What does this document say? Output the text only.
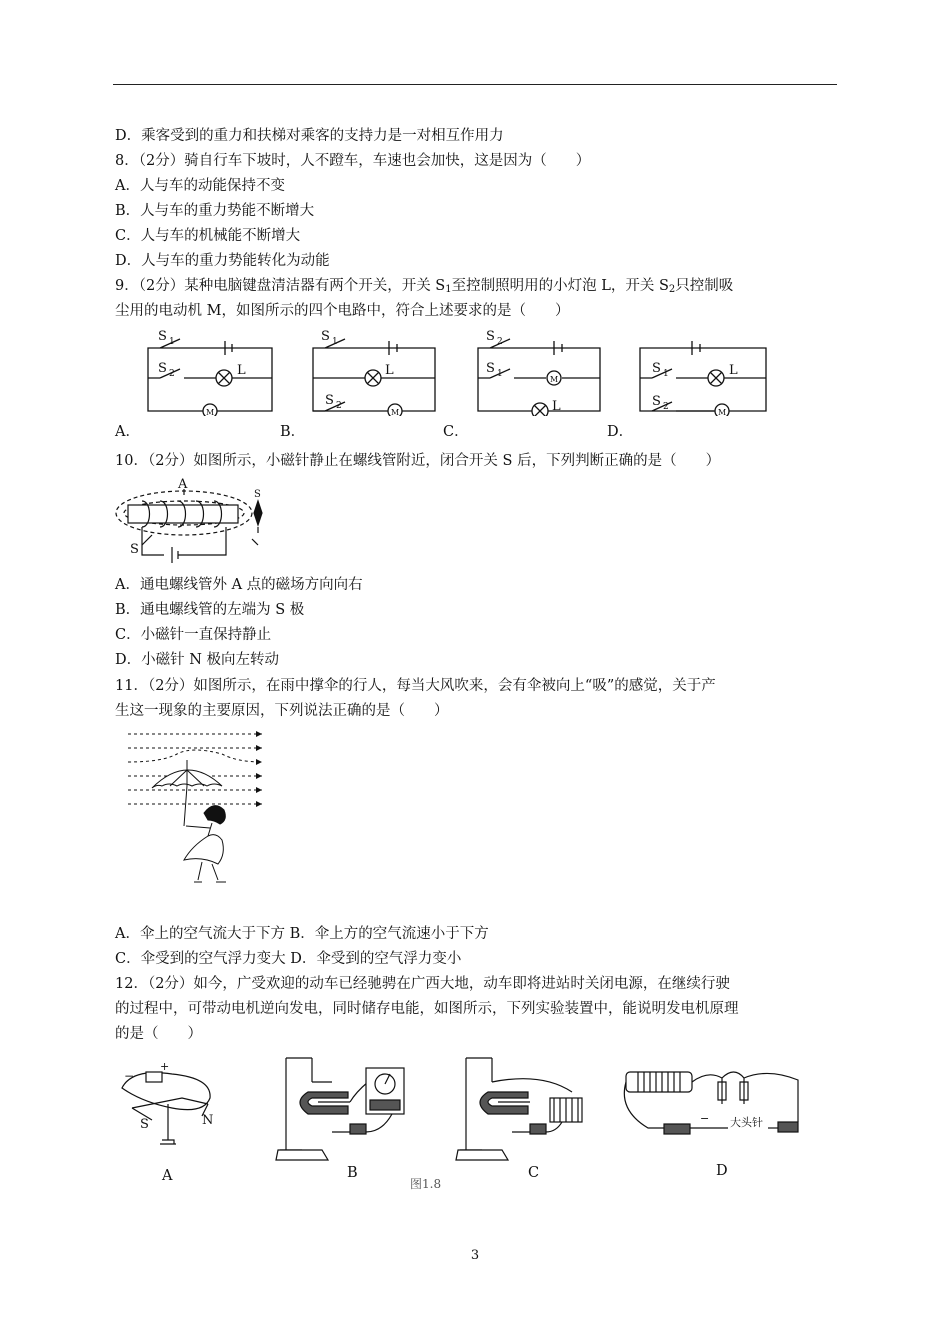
D．乘客受到的重力和扶梯对乘客的支持力是一对相互作用力
8．（2分）骑自行车下坡时，人不蹬车，车速也会加快，这是因为（　　）
A．人与车的动能保持不变
B．人与车的重力势能不断增大
C．人与车的机械能不断增大
D．人与车的重力势能转化为动能
9．（2分）某种电脑键盘清洁器有两个开关，开关 $S_1$至控制照明用的小灯泡 L，开关 $S_2$只控制吸
尘用的电动机 M，如图所示的四个电路中，符合上述要求的是（　　）
S 1
S 2	L
M
S 1
L
S 2
M
S 2
S 1
M
L
S 1	L
S 2
M
A．	B．	C．	D．
10．（2分）如图所示，小磁针静止在螺线管附近，闭合开关 S 后，下列判断正确的是（　　）
A
S
S
A．通电螺线管外 A 点的磁场方向向右
B．通电螺线管的左端为 S 极
C．小磁针一直保持静止
D．小磁针 N 极向左转动
11．（2分）如图所示，在雨中撑伞的行人，每当大风吹来，会有伞被向上“吸”的感觉，关于产
生这一现象的主要原因，下列说法正确的是（　　）
A．伞上的空气流大于下方 B．伞上方的空气流速小于下方
C．伞受到的空气浮力变大 D．伞受到的空气浮力变小
12．（2分）如今，广受欢迎的动车已经驰骋在广西大地，动车即将进站时关闭电源，在继续行驶
的过程中，可带动电机逆向发电，同时储存电能，如图所示，下列实验装置中，能说明发电机原理
的是（　　）
−
+
S	N	− 大头针
A	B
图1.8
C	D
3
